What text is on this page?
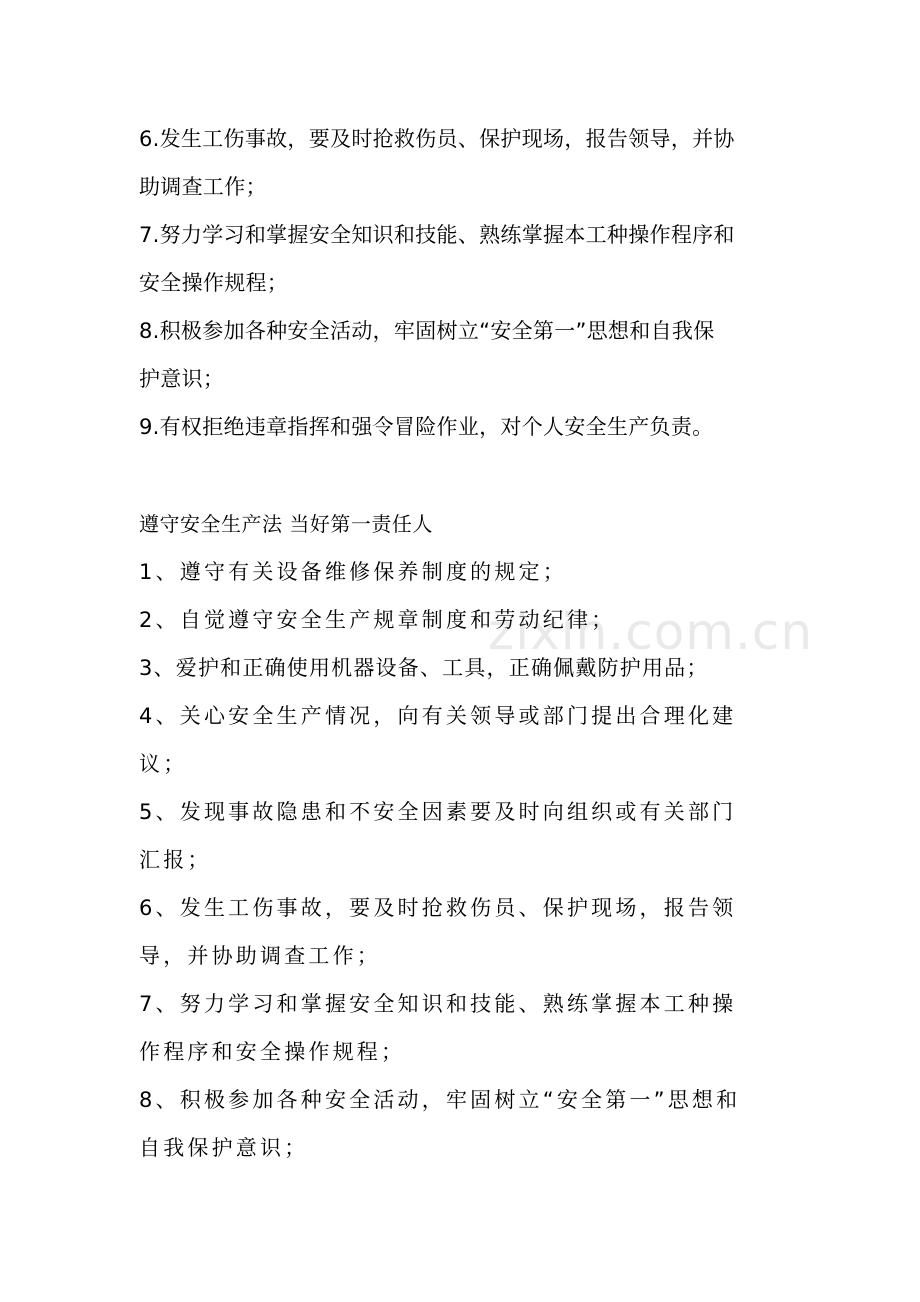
6.发生工伤事故，要及时抢救伤员、保护现场，报告领导，并协
助调查工作；
7.努力学习和掌握安全知识和技能、熟练掌握本工种操作程序和
安全操作规程；
8.积极参加各种安全活动，牢固树立“安全第一”思想和自我保
护意识；
9.有权拒绝违章指挥和强令冒险作业，对个人安全生产负责。
遵守安全生产法 当好第一责任人
1、遵守有关设备维修保养制度的规定；
2、自觉遵守安全生产规章制度和劳动纪律；
3、爱护和正确使用机器设备、工具，正确佩戴防护用品；
4、关心安全生产情况，向有关领导或部门提出合理化建
议；
5、发现事故隐患和不安全因素要及时向组织或有关部门
汇报；
6、发生工伤事故，要及时抢救伤员、保护现场，报告领
导，并协助调查工作；
7、努力学习和掌握安全知识和技能、熟练掌握本工种操
作程序和安全操作规程；
8、积极参加各种安全活动，牢固树立“安全第一”思想和
自我保护意识；
zixin.com.cn
